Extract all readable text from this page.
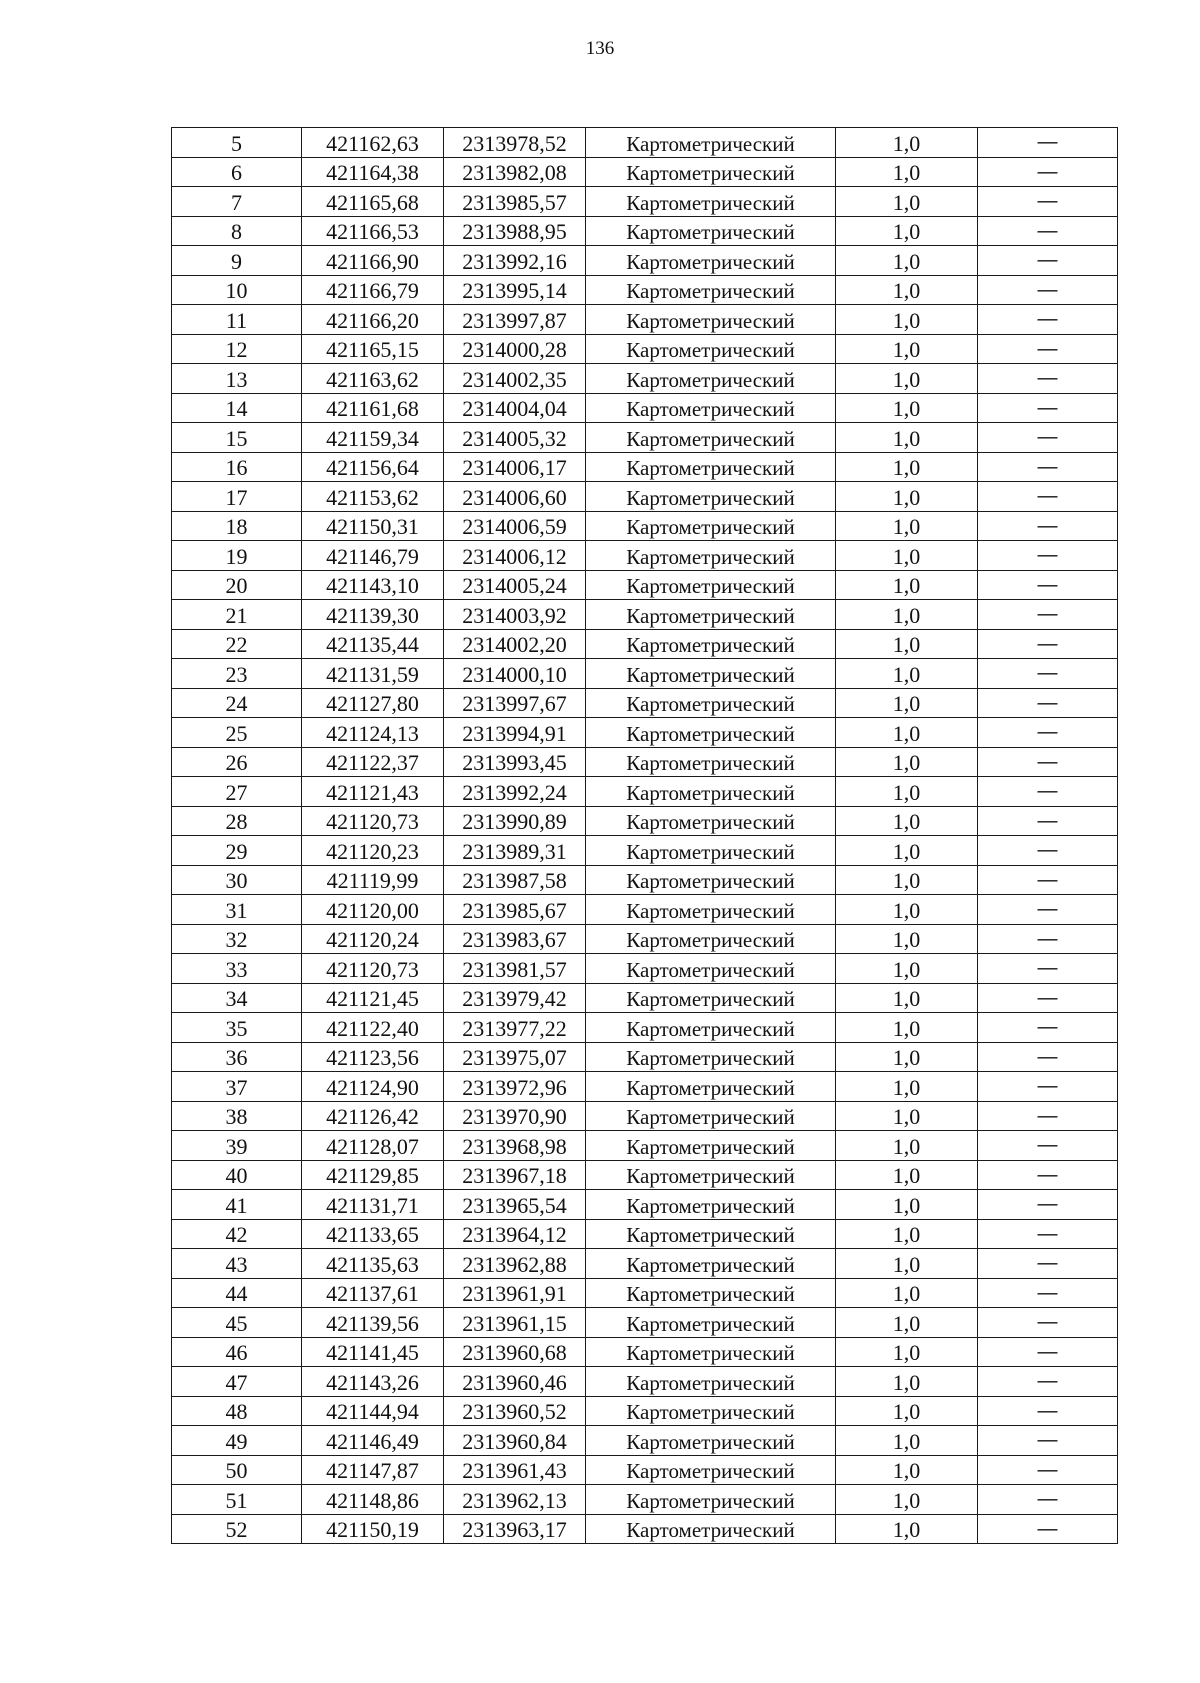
136
5	421162,63	2313978,52	Картометрический	1,0	—
6	421164,38	2313982,08	Картометрический	1,0	—
7	421165,68	2313985,57	Картометрический	1,0	—
8	421166,53	2313988,95	Картометрический	1,0	—
9	421166,90	2313992,16	Картометрический	1,0	—
10	421166,79	2313995,14	Картометрический	1,0	—
11	421166,20	2313997,87	Картометрический	1,0	—
12	421165,15	2314000,28	Картометрический	1,0	—
13	421163,62	2314002,35	Картометрический	1,0	—
14	421161,68	2314004,04	Картометрический	1,0	—
15	421159,34	2314005,32	Картометрический	1,0	—
16	421156,64	2314006,17	Картометрический	1,0	—
17	421153,62	2314006,60	Картометрический	1,0	—
18	421150,31	2314006,59	Картометрический	1,0	—
19	421146,79	2314006,12	Картометрический	1,0	—
20	421143,10	2314005,24	Картометрический	1,0	—
21	421139,30	2314003,92	Картометрический	1,0	—
22	421135,44	2314002,20	Картометрический	1,0	—
23	421131,59	2314000,10	Картометрический	1,0	—
24	421127,80	2313997,67	Картометрический	1,0	—
25	421124,13	2313994,91	Картометрический	1,0	—
26	421122,37	2313993,45	Картометрический	1,0	—
27	421121,43	2313992,24	Картометрический	1,0	—
28	421120,73	2313990,89	Картометрический	1,0	—
29	421120,23	2313989,31	Картометрический	1,0	—
30	421119,99	2313987,58	Картометрический	1,0	—
31	421120,00	2313985,67	Картометрический	1,0	—
32	421120,24	2313983,67	Картометрический	1,0	—
33	421120,73	2313981,57	Картометрический	1,0	—
34	421121,45	2313979,42	Картометрический	1,0	—
35	421122,40	2313977,22	Картометрический	1,0	—
36	421123,56	2313975,07	Картометрический	1,0	—
37	421124,90	2313972,96	Картометрический	1,0	—
38	421126,42	2313970,90	Картометрический	1,0	—
39	421128,07	2313968,98	Картометрический	1,0	—
40	421129,85	2313967,18	Картометрический	1,0	—
41	421131,71	2313965,54	Картометрический	1,0	—
42	421133,65	2313964,12	Картометрический	1,0	—
43	421135,63	2313962,88	Картометрический	1,0	—
44	421137,61	2313961,91	Картометрический	1,0	—
45	421139,56	2313961,15	Картометрический	1,0	—
46	421141,45	2313960,68	Картометрический	1,0	—
47	421143,26	2313960,46	Картометрический	1,0	—
48	421144,94	2313960,52	Картометрический	1,0	—
49	421146,49	2313960,84	Картометрический	1,0	—
50	421147,87	2313961,43	Картометрический	1,0	—
51	421148,86	2313962,13	Картометрический	1,0	—
52	421150,19	2313963,17	Картометрический	1,0	—
